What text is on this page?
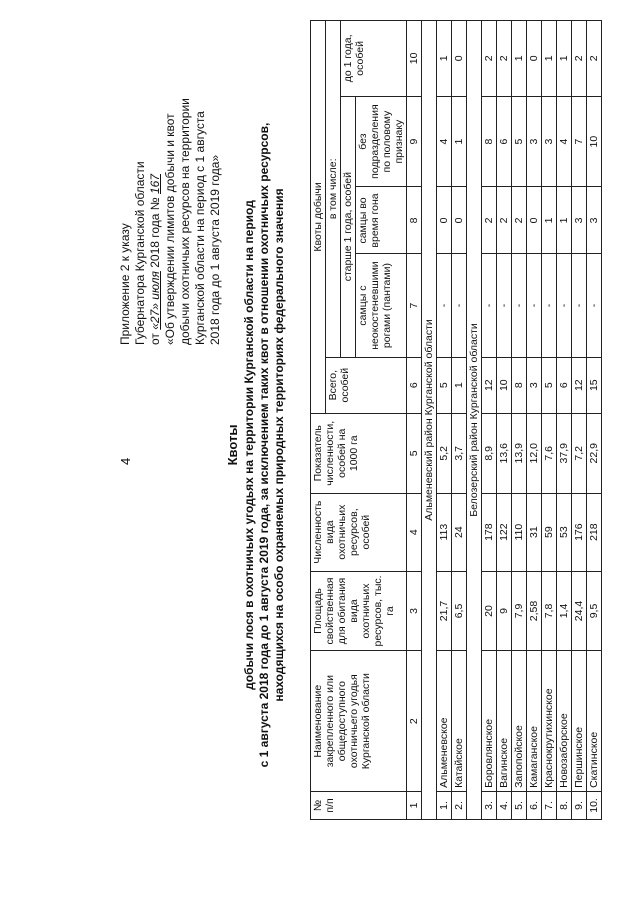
4
Приложение 2 к указу Губернатора Курганской области от «27» июля 2018 года № 167 «Об утверждении лимитов добычи и квот добычи охотничьих ресурсов на территории Курганской области на период с 1 августа 2018 года до 1 августа 2019 года»
Квоты добычи лося в охотничьих угодьях на территории Курганской области на период с 1 августа 2018 года до 1 августа 2019 года, за исключением таких квот в отношении охотничьих ресурсов, находящихся на особо охраняемых природных территориях федерального значения
№ п/п	Наименование закрепленного или общедоступного охотничьего угодья Курганской области	Площадь свойственная для обитания вида охотничьих ресурсов, тыс. га	Численность вида охотничьих ресурсов, особей	Показатель численности, особей на 1000 га	Квоты добычи				
					Всего, особей	в том числе:			
						старше 1 года, особей			до 1 года, особей
						самцы с неокостеневшими рогами (пантами)	самцы во время гона	без подразделения по половому признаку	
1	2	3	4	5	6	7	8	9	10
Альменевский район Курганской области									
1.	Альменевское	21,7	113	5,2	5	-	0	4	1
2.	Катайское	6,5	24	3,7	1	-	0	1	0
Белозерский район Курганской области									
3.	Боровлянское	20	178	8,9	12	-	2	8	2
4.	Вагинское	9	122	13,6	10	-	2	6	2
5.	Запопойское	7,9	110	13,9	8	-	2	5	1
6.	Камаганское	2,58	31	12,0	3	-	0	3	0
7.	Краснокрутихинское	7,8	59	7,6	5	-	1	3	1
8.	Новозаборское	1,4	53	37,9	6	-	1	4	1
9.	Першинское	24,4	176	7,2	12	-	3	7	2
10.	Скатинское	9,5	218	22,9	15	-	3	10	2
